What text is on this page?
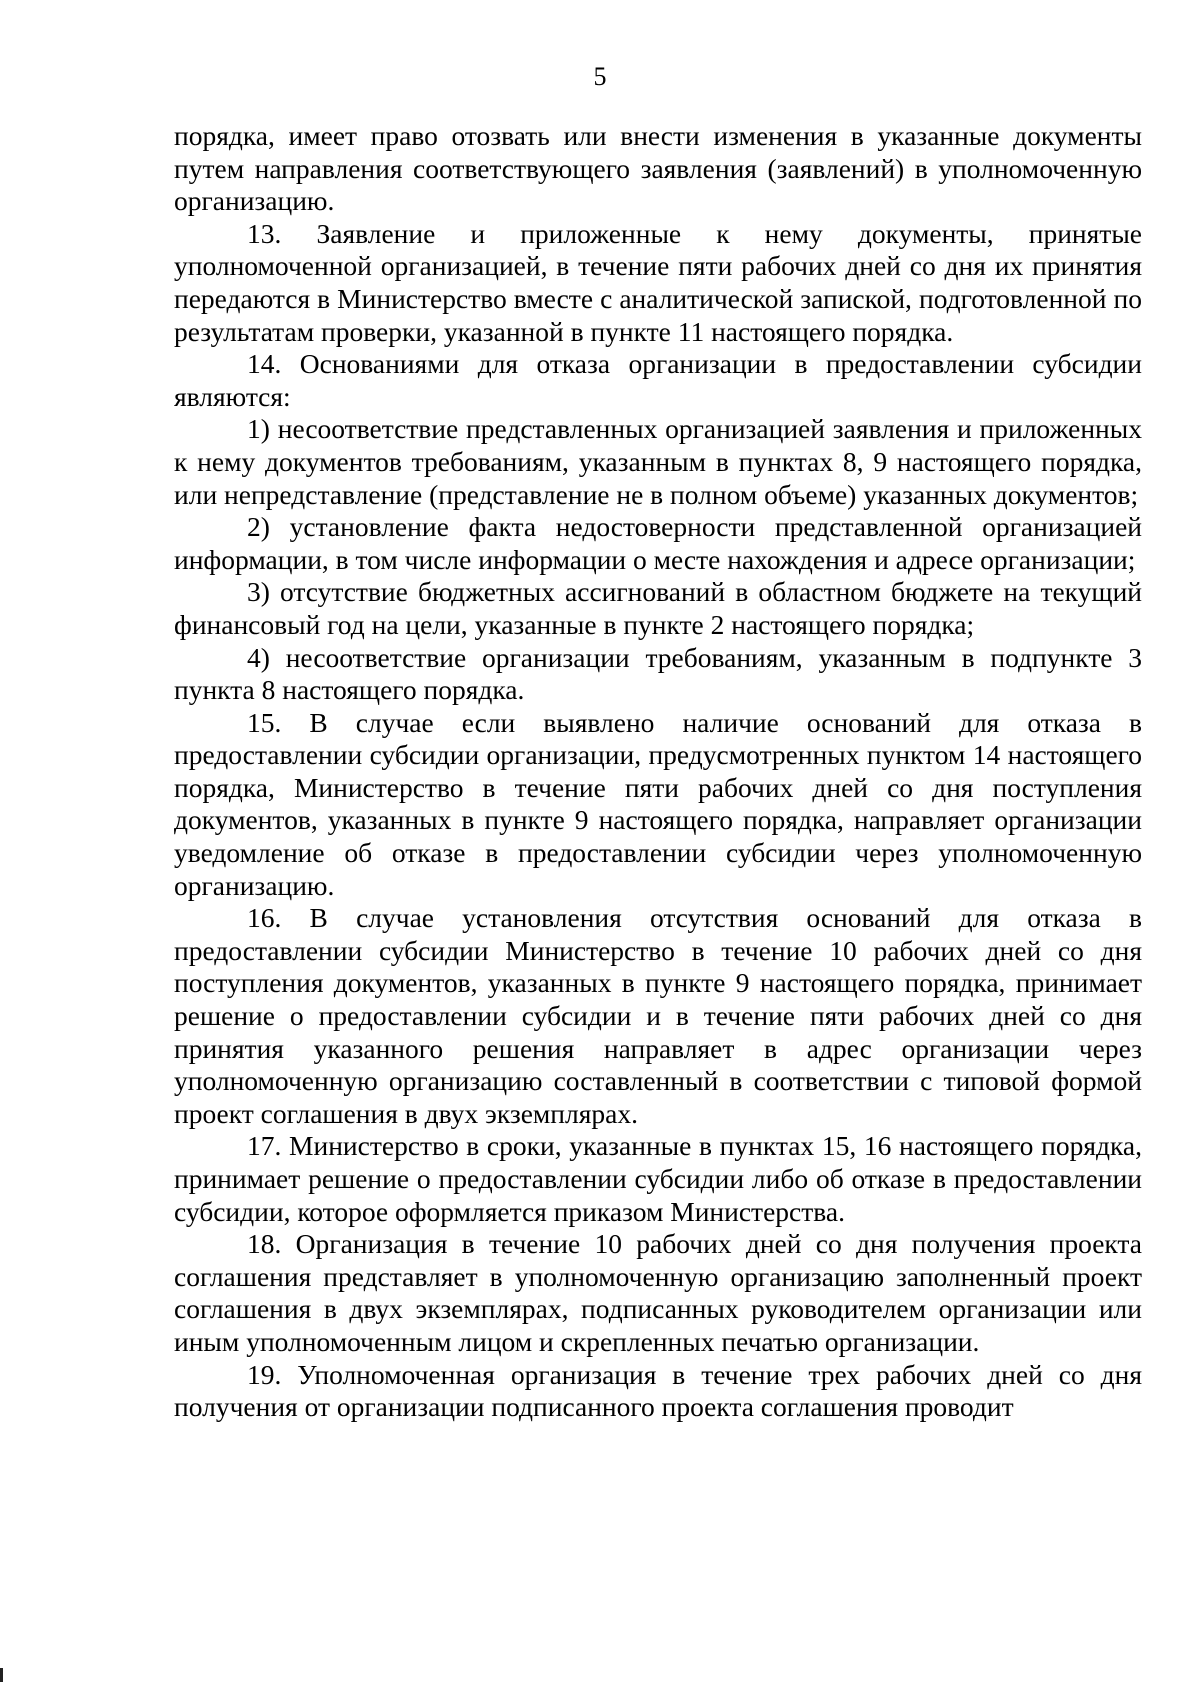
5

порядка, имеет право отозвать или внести изменения в указанные документы путем направления соответствующего заявления (заявлений) в уполномоченную организацию.

13. Заявление и приложенные к нему документы, принятые уполномоченной организацией, в течение пяти рабочих дней со дня их принятия передаются в Министерство вместе с аналитической запиской, подготовленной по результатам проверки, указанной в пункте 11 настоящего порядка.

14. Основаниями для отказа организации в предоставлении субсидии являются:

1) несоответствие представленных организацией заявления и приложенных к нему документов требованиям, указанным в пунктах 8, 9 настоящего порядка, или непредставление (представление не в полном объеме) указанных документов;

2) установление факта недостоверности представленной организацией информации, в том числе информации о месте нахождения и адресе организации;

3) отсутствие бюджетных ассигнований в областном бюджете на текущий финансовый год на цели, указанные в пункте 2 настоящего порядка;

4) несоответствие организации требованиям, указанным в подпункте 3 пункта 8 настоящего порядка.

15. В случае если выявлено наличие оснований для отказа в предоставлении субсидии организации, предусмотренных пунктом 14 настоящего порядка, Министерство в течение пяти рабочих дней со дня поступления документов, указанных в пункте 9 настоящего порядка, направляет организации уведомление об отказе в предоставлении субсидии через уполномоченную организацию.

16. В случае установления отсутствия оснований для отказа в предоставлении субсидии Министерство в течение 10 рабочих дней со дня поступления документов, указанных в пункте 9 настоящего порядка, принимает решение о предоставлении субсидии и в течение пяти рабочих дней со дня принятия указанного решения направляет в адрес организации через уполномоченную организацию составленный в соответствии с типовой формой проект соглашения в двух экземплярах.

17. Министерство в сроки, указанные в пунктах 15, 16 настоящего порядка, принимает решение о предоставлении субсидии либо об отказе в предоставлении субсидии, которое оформляется приказом Министерства.

18. Организация в течение 10 рабочих дней со дня получения проекта соглашения представляет в уполномоченную организацию заполненный проект соглашения в двух экземплярах, подписанных руководителем организации или иным уполномоченным лицом и скрепленных печатью организации.

19. Уполномоченная организация в течение трех рабочих дней со дня получения от организации подписанного проекта соглашения проводит
